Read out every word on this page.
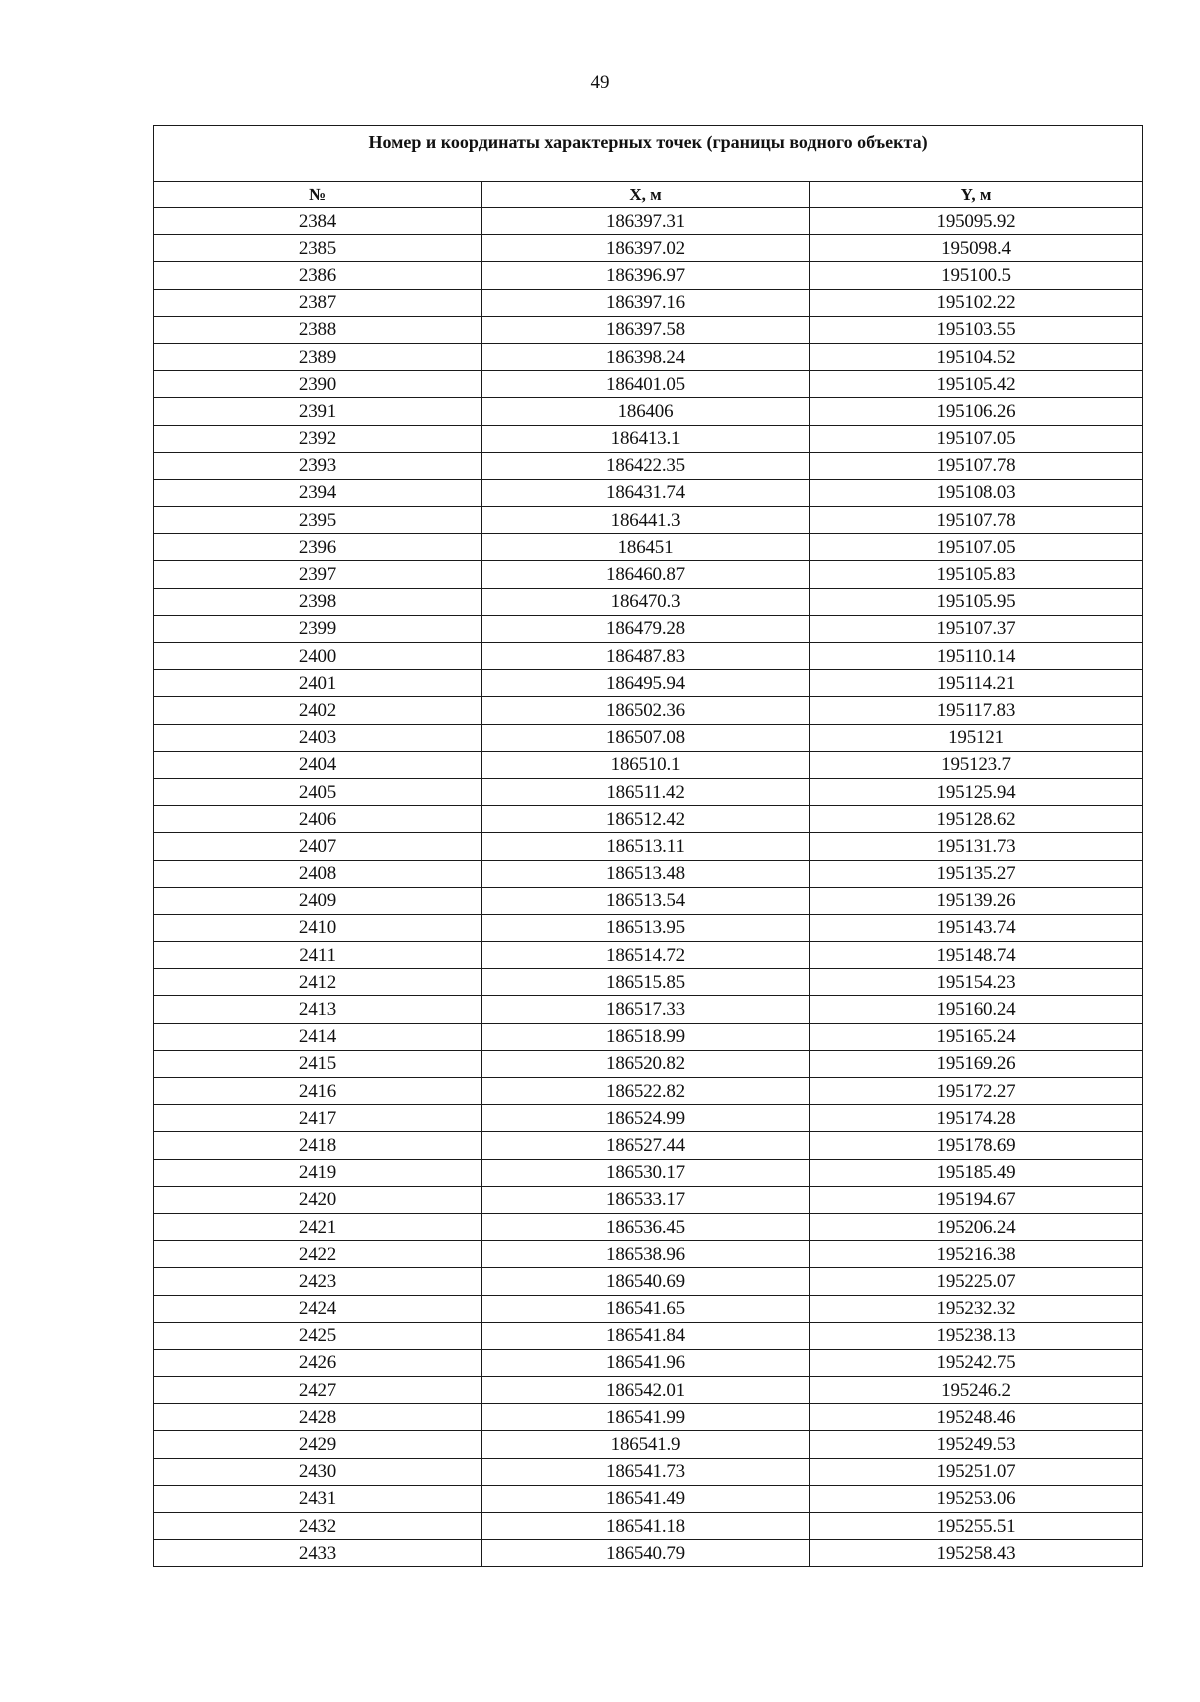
49
Номер и координаты характерных точек (границы водного объекта)		
№	X, м	Y, м
2384	186397.31	195095.92
2385	186397.02	195098.4
2386	186396.97	195100.5
2387	186397.16	195102.22
2388	186397.58	195103.55
2389	186398.24	195104.52
2390	186401.05	195105.42
2391	186406	195106.26
2392	186413.1	195107.05
2393	186422.35	195107.78
2394	186431.74	195108.03
2395	186441.3	195107.78
2396	186451	195107.05
2397	186460.87	195105.83
2398	186470.3	195105.95
2399	186479.28	195107.37
2400	186487.83	195110.14
2401	186495.94	195114.21
2402	186502.36	195117.83
2403	186507.08	195121
2404	186510.1	195123.7
2405	186511.42	195125.94
2406	186512.42	195128.62
2407	186513.11	195131.73
2408	186513.48	195135.27
2409	186513.54	195139.26
2410	186513.95	195143.74
2411	186514.72	195148.74
2412	186515.85	195154.23
2413	186517.33	195160.24
2414	186518.99	195165.24
2415	186520.82	195169.26
2416	186522.82	195172.27
2417	186524.99	195174.28
2418	186527.44	195178.69
2419	186530.17	195185.49
2420	186533.17	195194.67
2421	186536.45	195206.24
2422	186538.96	195216.38
2423	186540.69	195225.07
2424	186541.65	195232.32
2425	186541.84	195238.13
2426	186541.96	195242.75
2427	186542.01	195246.2
2428	186541.99	195248.46
2429	186541.9	195249.53
2430	186541.73	195251.07
2431	186541.49	195253.06
2432	186541.18	195255.51
2433	186540.79	195258.43
